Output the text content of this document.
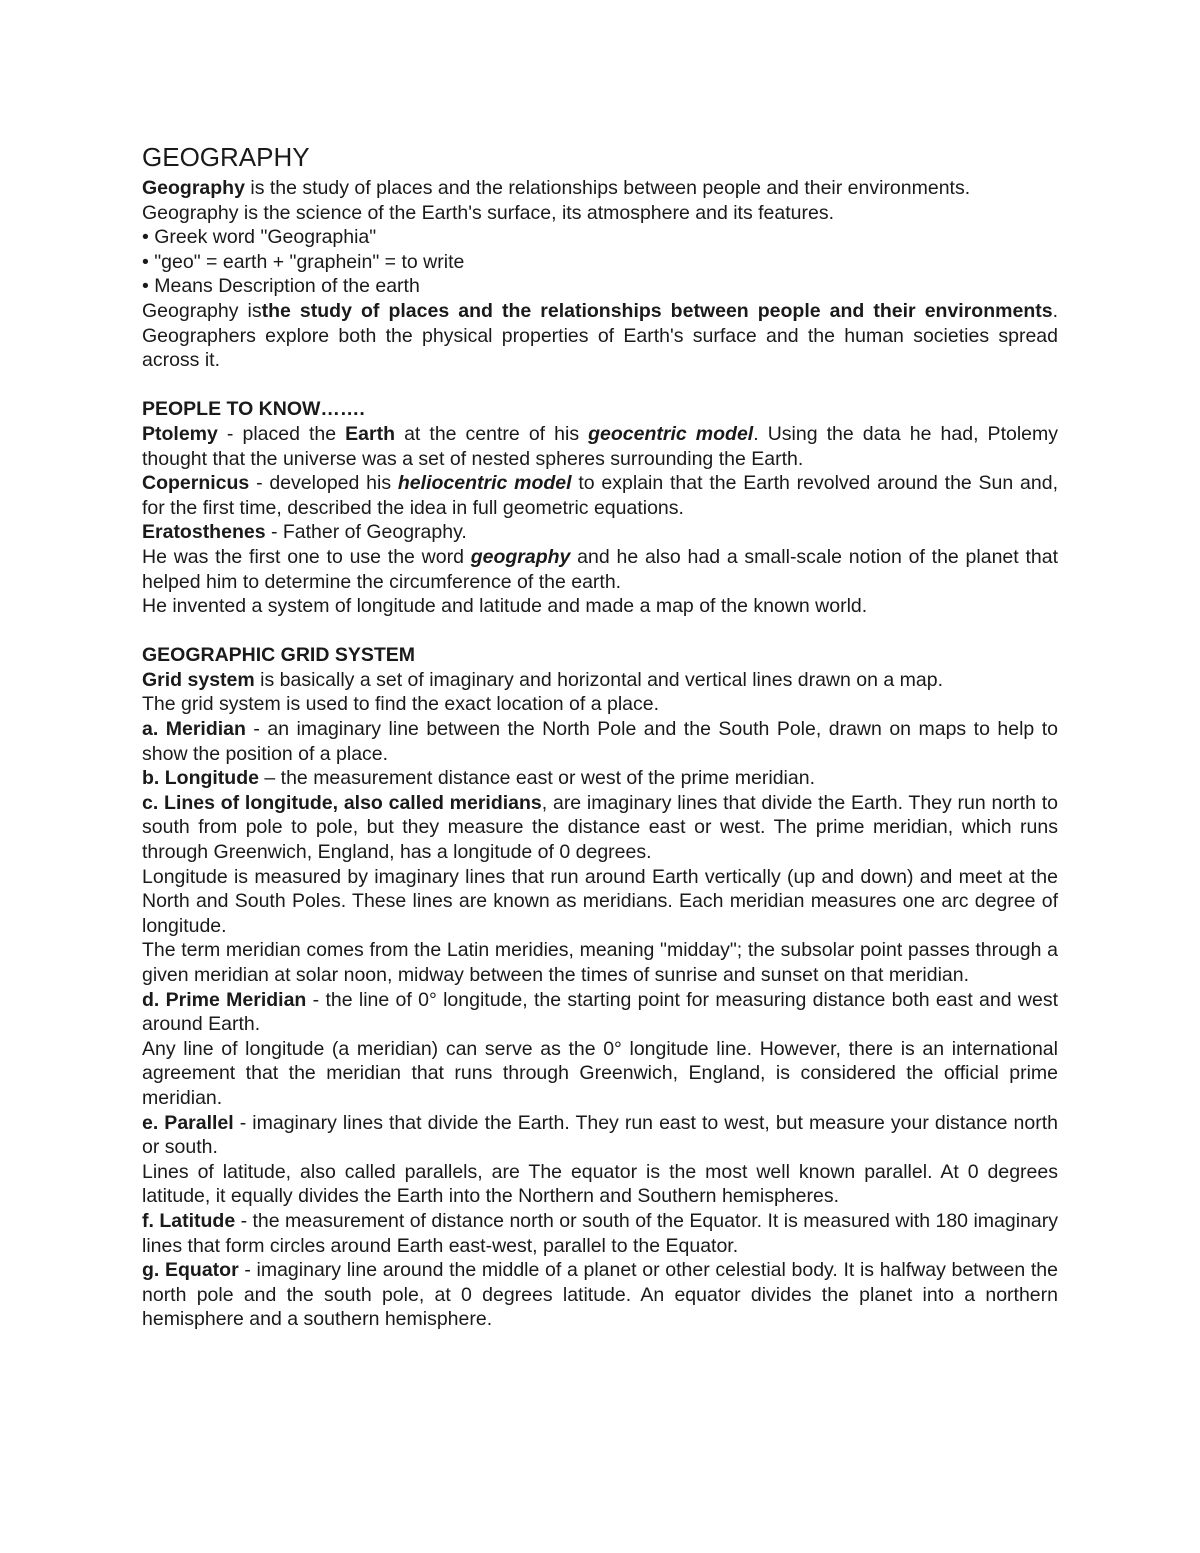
GEOGRAPHY

Geography is the study of places and the relationships between people and their environments.

Geography is the science of the Earth's surface, its atmosphere and its features.

• Greek word "Geographia"

• "geo" = earth + "graphein" = to write

• Means Description of the earth

Geography isthe study of places and the relationships between people and their environments. Geographers explore both the physical properties of Earth's surface and the human societies spread across it.

PEOPLE TO KNOW…….

Ptolemy - placed the Earth at the centre of his geocentric model. Using the data he had, Ptolemy thought that the universe was a set of nested spheres surrounding the Earth.

Copernicus - developed his heliocentric model to explain that the Earth revolved around the Sun and, for the first time, described the idea in full geometric equations.

Eratosthenes - Father of Geography.

He was the first one to use the word geography and he also had a small-scale notion of the planet that helped him to determine the circumference of the earth.

He invented a system of longitude and latitude and made a map of the known world.

GEOGRAPHIC GRID SYSTEM

Grid system is basically a set of imaginary and horizontal and vertical lines drawn on a map.

The grid system is used to find the exact location of a place.

a. Meridian - an imaginary line between the North Pole and the South Pole, drawn on maps to help to show the position of a place.

b. Longitude – the measurement distance east or west of the prime meridian.

c. Lines of longitude, also called meridians, are imaginary lines that divide the Earth. They run north to south from pole to pole, but they measure the distance east or west. The prime meridian, which runs through Greenwich, England, has a longitude of 0 degrees.

Longitude is measured by imaginary lines that run around Earth vertically (up and down) and meet at the North and South Poles. These lines are known as meridians. Each meridian measures one arc degree of longitude.

The term meridian comes from the Latin meridies, meaning "midday"; the subsolar point passes through a given meridian at solar noon, midway between the times of sunrise and sunset on that meridian.

d. Prime Meridian - the line of 0° longitude, the starting point for measuring distance both east and west around Earth.

Any line of longitude (a meridian) can serve as the 0° longitude line. However, there is an international agreement that the meridian that runs through Greenwich, England, is considered the official prime meridian.

e. Parallel - imaginary lines that divide the Earth. They run east to west, but measure your distance north or south.

Lines of latitude, also called parallels, are The equator is the most well known parallel. At 0 degrees latitude, it equally divides the Earth into the Northern and Southern hemispheres.

f. Latitude - the measurement of distance north or south of the Equator. It is measured with 180 imaginary lines that form circles around Earth east-west, parallel to the Equator.

g. Equator - imaginary line around the middle of a planet or other celestial body. It is halfway between the north pole and the south pole, at 0 degrees latitude. An equator divides the planet into a northern hemisphere and a southern hemisphere.
